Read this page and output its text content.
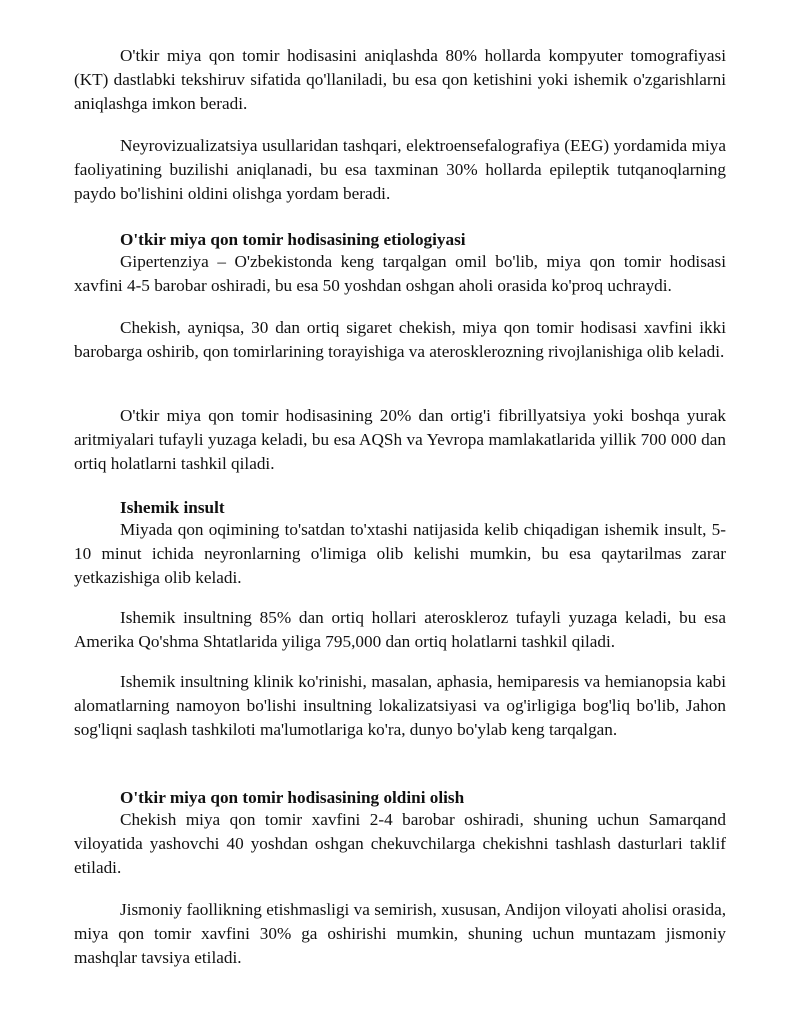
O'tkir miya qon tomir hodisasini aniqlashda 80% hollarda kompyuter tomografiyasi (KT) dastlabki tekshiruv sifatida qo'llaniladi, bu esa qon ketishini yoki ishemik o'zgarishlarni aniqlashga imkon beradi.

Neyrovizualizatsiya usullaridan tashqari, elektroensefalografiya (EEG) yordamida miya faoliyatining buzilishi aniqlanadi, bu esa taxminan 30% hollarda epileptik tutqanoqlarning paydo bo'lishini oldini olishga yordam beradi.

O'tkir miya qon tomir hodisasining etiologiyasi

Gipertenziya – O'zbekistonda keng tarqalgan omil bo'lib, miya qon tomir hodisasi xavfini 4-5 barobar oshiradi, bu esa 50 yoshdan oshgan aholi orasida ko'proq uchraydi.

Chekish, ayniqsa, 30 dan ortiq sigaret chekish, miya qon tomir hodisasi xavfini ikki barobarga oshirib, qon tomirlarining torayishiga va aterosklerozning rivojlanishiga olib keladi.

O'tkir miya qon tomir hodisasining 20% dan ortig'i fibrillyatsiya yoki boshqa yurak aritmiyalari tufayli yuzaga keladi, bu esa AQSh va Yevropa mamlakatlarida yillik 700 000 dan ortiq holatlarni tashkil qiladi.

Ishemik insult

Miyada qon oqimining to'satdan to'xtashi natijasida kelib chiqadigan ishemik insult, 5-10 minut ichida neyronlarning o'limiga olib kelishi mumkin, bu esa qaytarilmas zarar yetkazishiga olib keladi.

Ishemik insultning 85% dan ortiq hollari ateroskleroz tufayli yuzaga keladi, bu esa Amerika Qo'shma Shtatlarida yiliga 795,000 dan ortiq holatlarni tashkil qiladi.

Ishemik insultning klinik ko'rinishi, masalan, aphasia, hemiparesis va hemianopsia kabi alomatlarning namoyon bo'lishi insultning lokalizatsiyasi va og'irligiga bog'liq bo'lib, Jahon sog'liqni saqlash tashkiloti ma'lumotlariga ko'ra, dunyo bo'ylab keng tarqalgan.

O'tkir miya qon tomir hodisasining oldini olish

Chekish miya qon tomir xavfini 2-4 barobar oshiradi, shuning uchun Samarqand viloyatida yashovchi 40 yoshdan oshgan chekuvchilarga chekishni tashlash dasturlari taklif etiladi.

Jismoniy faollikning etishmasligi va semirish, xususan, Andijon viloyati aholisi orasida, miya qon tomir xavfini 30% ga oshirishi mumkin, shuning uchun muntazam jismoniy mashqlar tavsiya etiladi.
